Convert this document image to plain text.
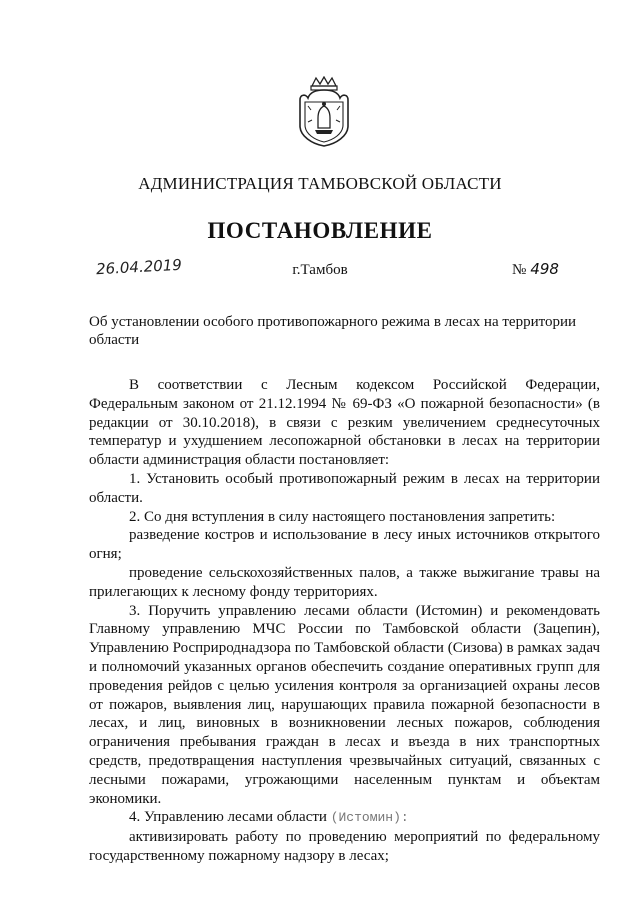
АДМИНИСТРАЦИЯ ТАМБОВСКОЙ ОБЛАСТИ
ПОСТАНОВЛЕНИЕ
26.04.2019	г.Тамбов	№ 498
Об установлении особого противопожарного режима в лесах на территории области

В соответствии с Лесным кодексом Российской Федерации, Федеральным законом от 21.12.1994 № 69-ФЗ «О пожарной безопасности» (в редакции от 30.10.2018), в связи с резким увеличением среднесуточных температур и ухудшением лесопожарной обстановки в лесах на территории области администрация области постановляет:

1. Установить особый противопожарный режим в лесах на территории области.

2. Со дня вступления в силу настоящего постановления запретить:

разведение костров и использование в лесу иных источников открытого огня;

проведение сельскохозяйственных палов, а также выжигание травы на прилегающих к лесному фонду территориях.

3. Поручить управлению лесами области (Истомин) и рекомендовать Главному управлению МЧС России по Тамбовской области (Зацепин), Управлению Росприроднадзора по Тамбовской области (Сизова) в рамках задач и полномочий указанных органов обеспечить создание оперативных групп для проведения рейдов с целью усиления контроля за организацией охраны лесов от пожаров, выявления лиц, нарушающих правила пожарной безопасности в лесах, и лиц, виновных в возникновении лесных пожаров, соблюдения ограничения пребывания граждан в лесах и въезда в них транспортных средств, предотвращения наступления чрезвычайных ситуаций, связанных с лесными пожарами, угрожающими населенным пунктам и объектам экономики.

4. Управлению лесами области (Истомин):

активизировать работу по проведению мероприятий по федеральному государственному пожарному надзору в лесах;
